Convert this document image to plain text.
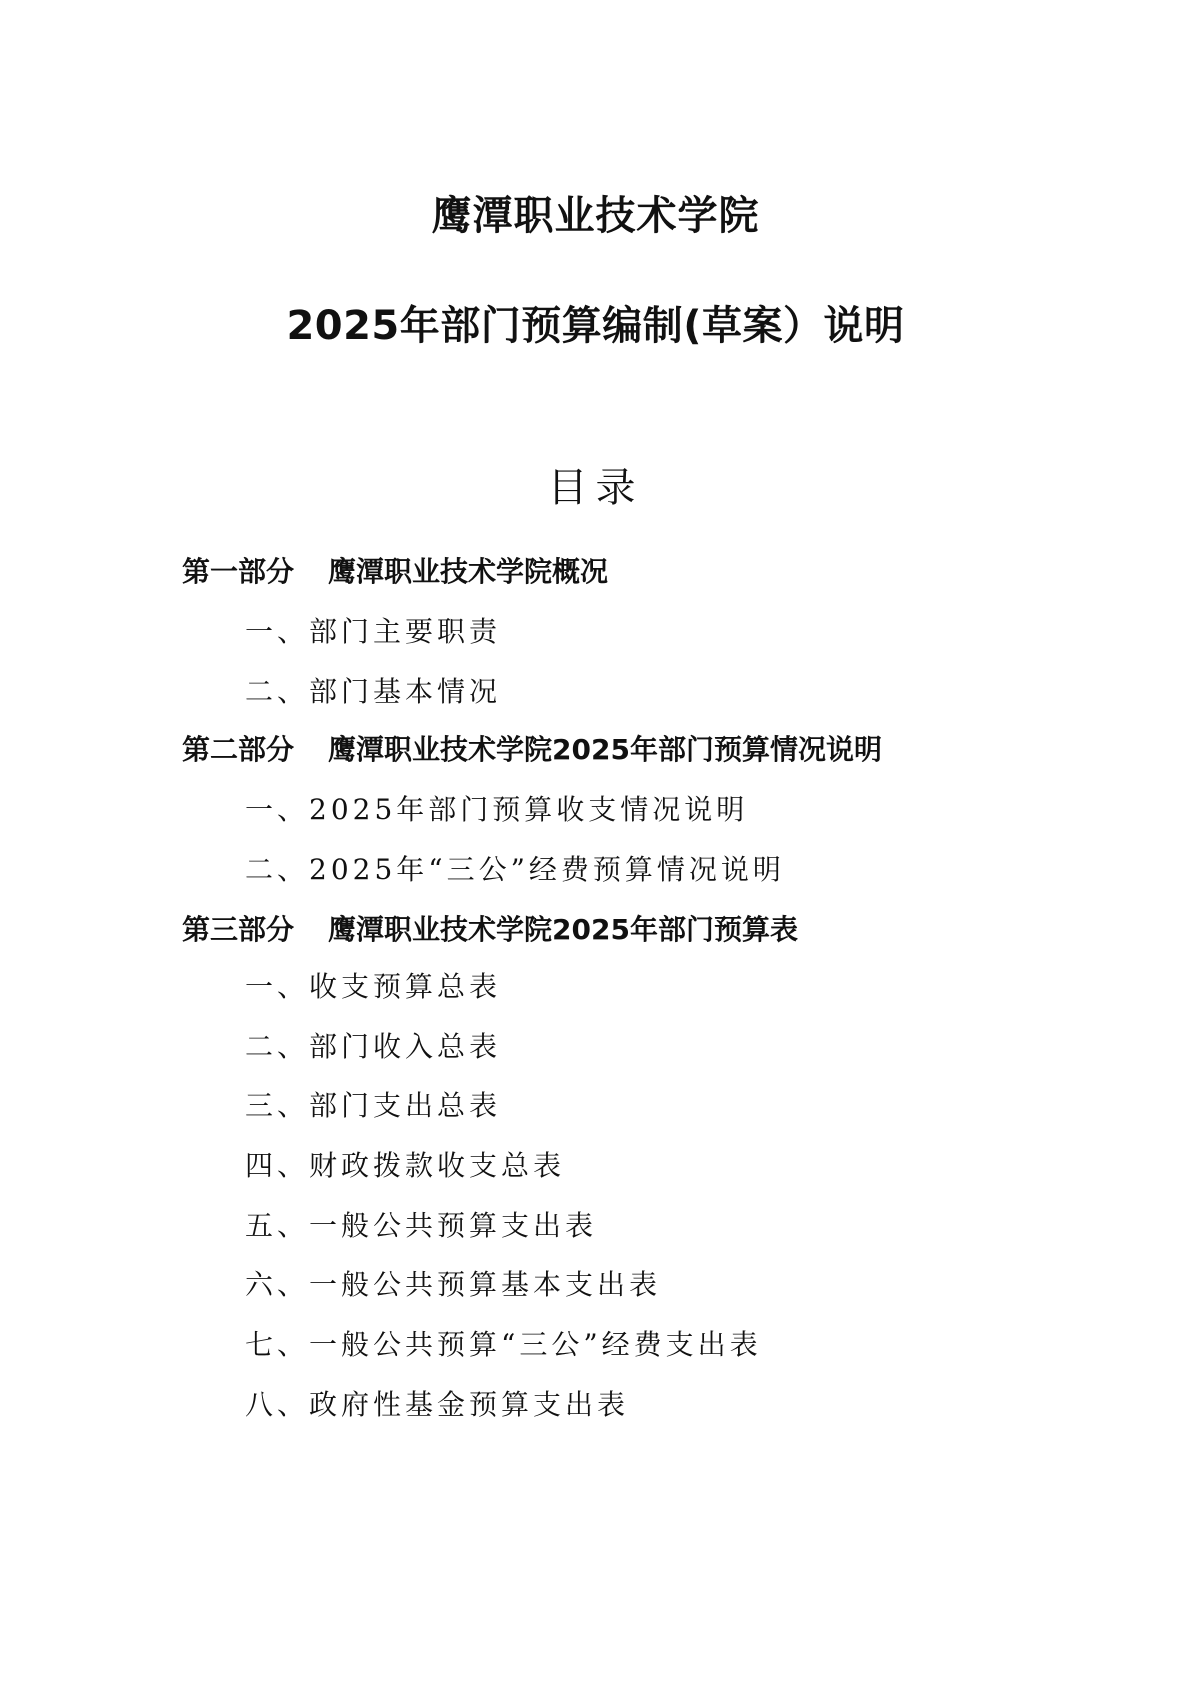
鹰潭职业技术学院
2025年部门预算编制(草案）说明
目录
第一部分 鹰潭职业技术学院概况
一、部门主要职责
二、部门基本情况
第二部分 鹰潭职业技术学院2025年部门预算情况说明
一、2025年部门预算收支情况说明
二、2025年“三公”经费预算情况说明
第三部分 鹰潭职业技术学院2025年部门预算表
一、收支预算总表
二、部门收入总表
三、部门支出总表
四、财政拨款收支总表
五、一般公共预算支出表
六、一般公共预算基本支出表
七、一般公共预算“三公”经费支出表
八、政府性基金预算支出表
